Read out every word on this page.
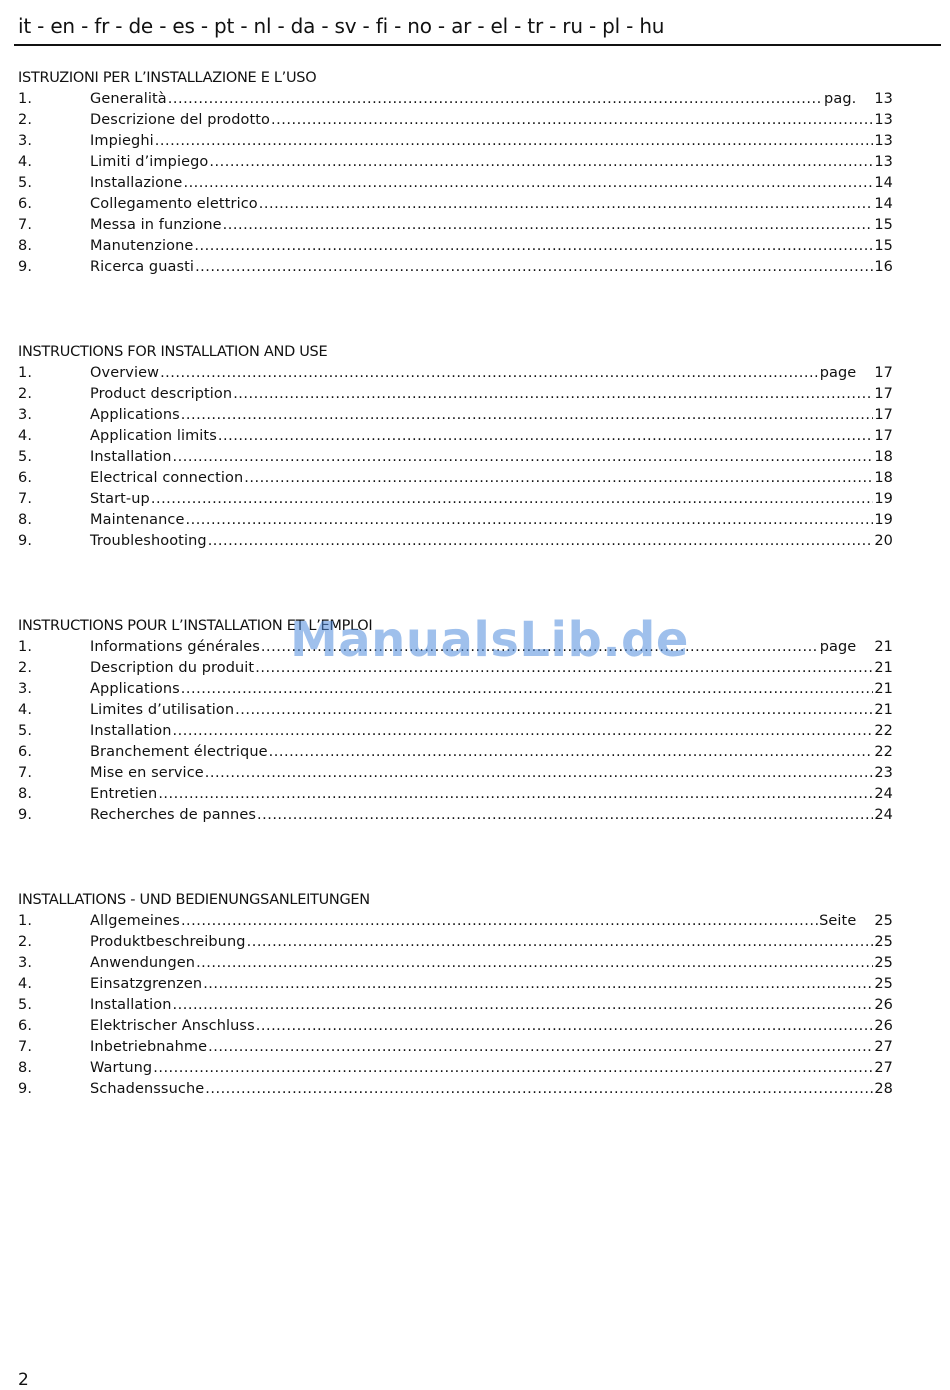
it - en - fr - de - es - pt - nl - da - sv - fi - no - ar - el - tr - ru - pl - hu
ISTRUZIONI PER L’INSTALLAZIONE E L’USO
1.	Generalità .....	pag. 13
2.	Descrizione del prodotto .....	13
3.	Impieghi .....	13
4.	Limiti d’impiego .....	13
5.	Installazione .....	14
6.	Collegamento elettrico .....	14
7.	Messa in funzione .....	15
8.	Manutenzione .....	15
9.	Ricerca guasti .....	16
INSTRUCTIONS FOR INSTALLATION AND USE
1.	Overview .....	page 17
2.	Product description .....	17
3.	Applications .....	17
4.	Application limits .....	17
5.	Installation .....	18
6.	Electrical connection .....	18
7.	Start-up .....	19
8.	Maintenance .....	19
9.	Troubleshooting .....	20
INSTRUCTIONS POUR L’INSTALLATION ET L’EMPLOI
1.	Informations générales .....	page 21
2.	Description du produit .....	21
3.	Applications .....	21
4.	Limites d’utilisation .....	21
5.	Installation .....	22
6.	Branchement électrique .....	22
7.	Mise en service .....	23
8.	Entretien .....	24
9.	Recherches de pannes .....	24
INSTALLATIONS - UND BEDIENUNGSANLEITUNGEN
1.	Allgemeines .....	Seite 25
2.	Produktbeschreibung .....	25
3.	Anwendungen .....	25
4.	Einsatzgrenzen .....	25
5.	Installation .....	26
6.	Elektrischer Anschluss .....	26
7.	Inbetriebnahme .....	27
8.	Wartung .....	27
9.	Schadenssuche .....	28
ManualsLib.de
2
